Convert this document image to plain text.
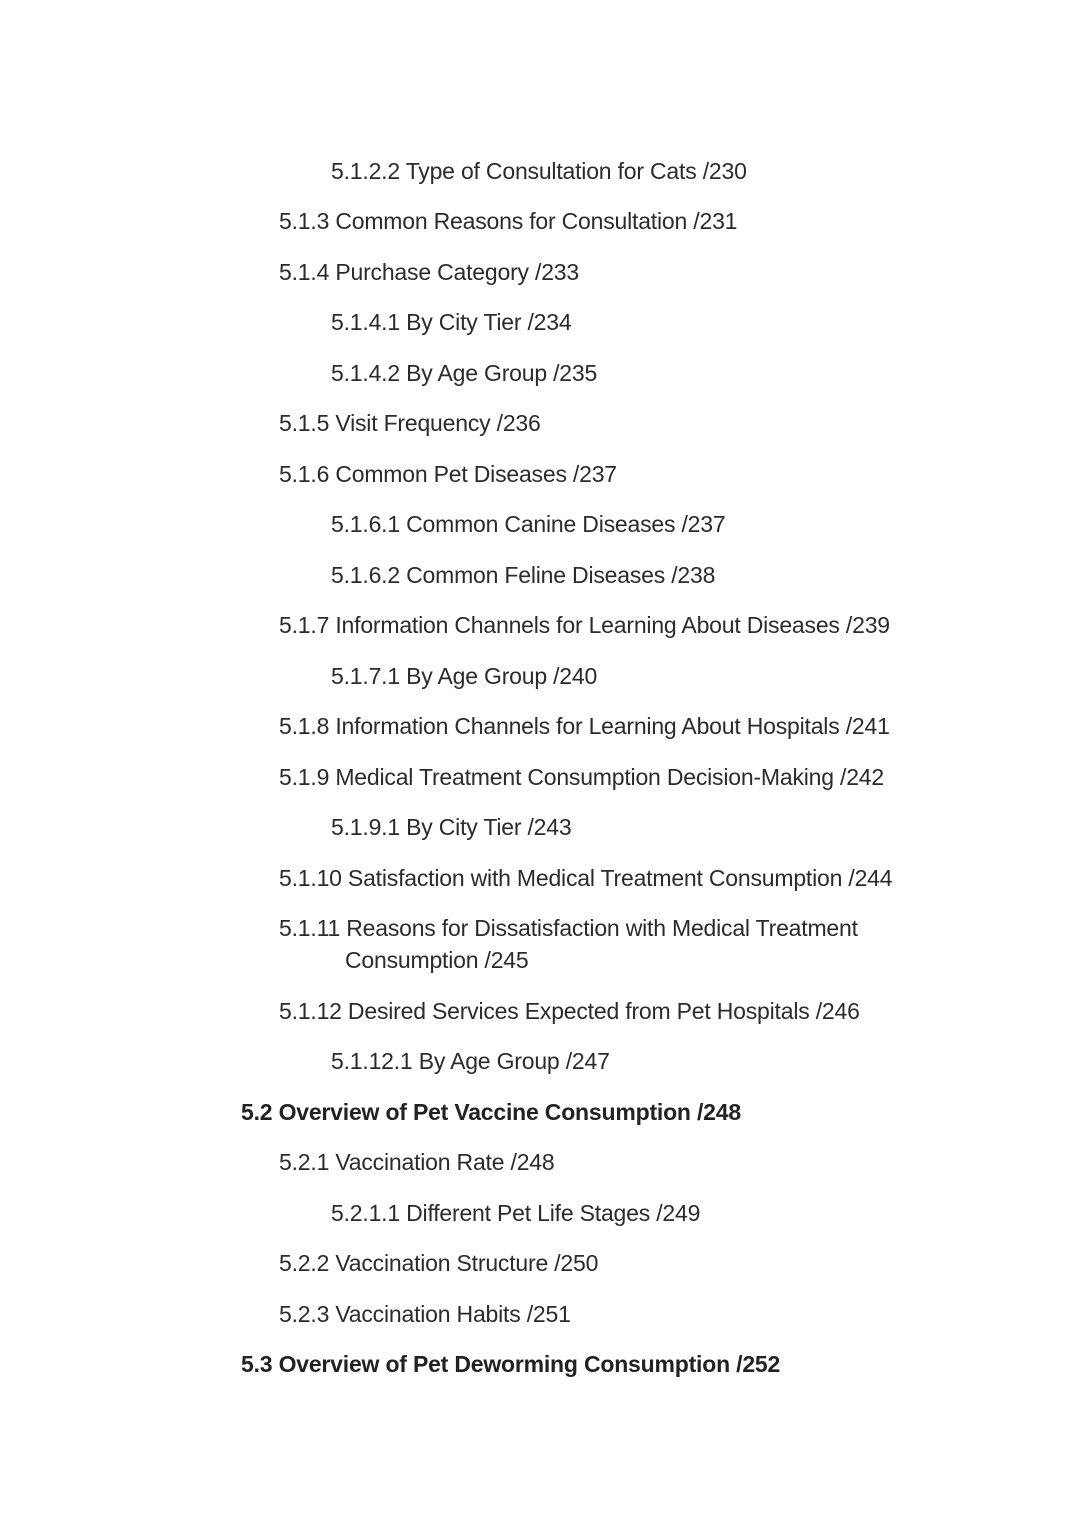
5.1.2.2 Type of Consultation for Cats /230
5.1.3 Common Reasons for Consultation /231
5.1.4 Purchase Category /233
5.1.4.1 By City Tier /234
5.1.4.2 By Age Group /235
5.1.5 Visit Frequency /236
5.1.6 Common Pet Diseases /237
5.1.6.1 Common Canine Diseases /237
5.1.6.2 Common Feline Diseases /238
5.1.7 Information Channels for Learning About Diseases /239
5.1.7.1 By Age Group /240
5.1.8 Information Channels for Learning About Hospitals /241
5.1.9 Medical Treatment Consumption Decision-Making /242
5.1.9.1 By City Tier /243
5.1.10 Satisfaction with Medical Treatment Consumption /244
5.1.11 Reasons for Dissatisfaction with Medical Treatment Consumption /245
5.1.12 Desired Services Expected from Pet Hospitals /246
5.1.12.1 By Age Group /247
5.2 Overview of Pet Vaccine Consumption /248
5.2.1 Vaccination Rate /248
5.2.1.1 Different Pet Life Stages /249
5.2.2 Vaccination Structure /250
5.2.3 Vaccination Habits /251
5.3 Overview of Pet Deworming Consumption /252
